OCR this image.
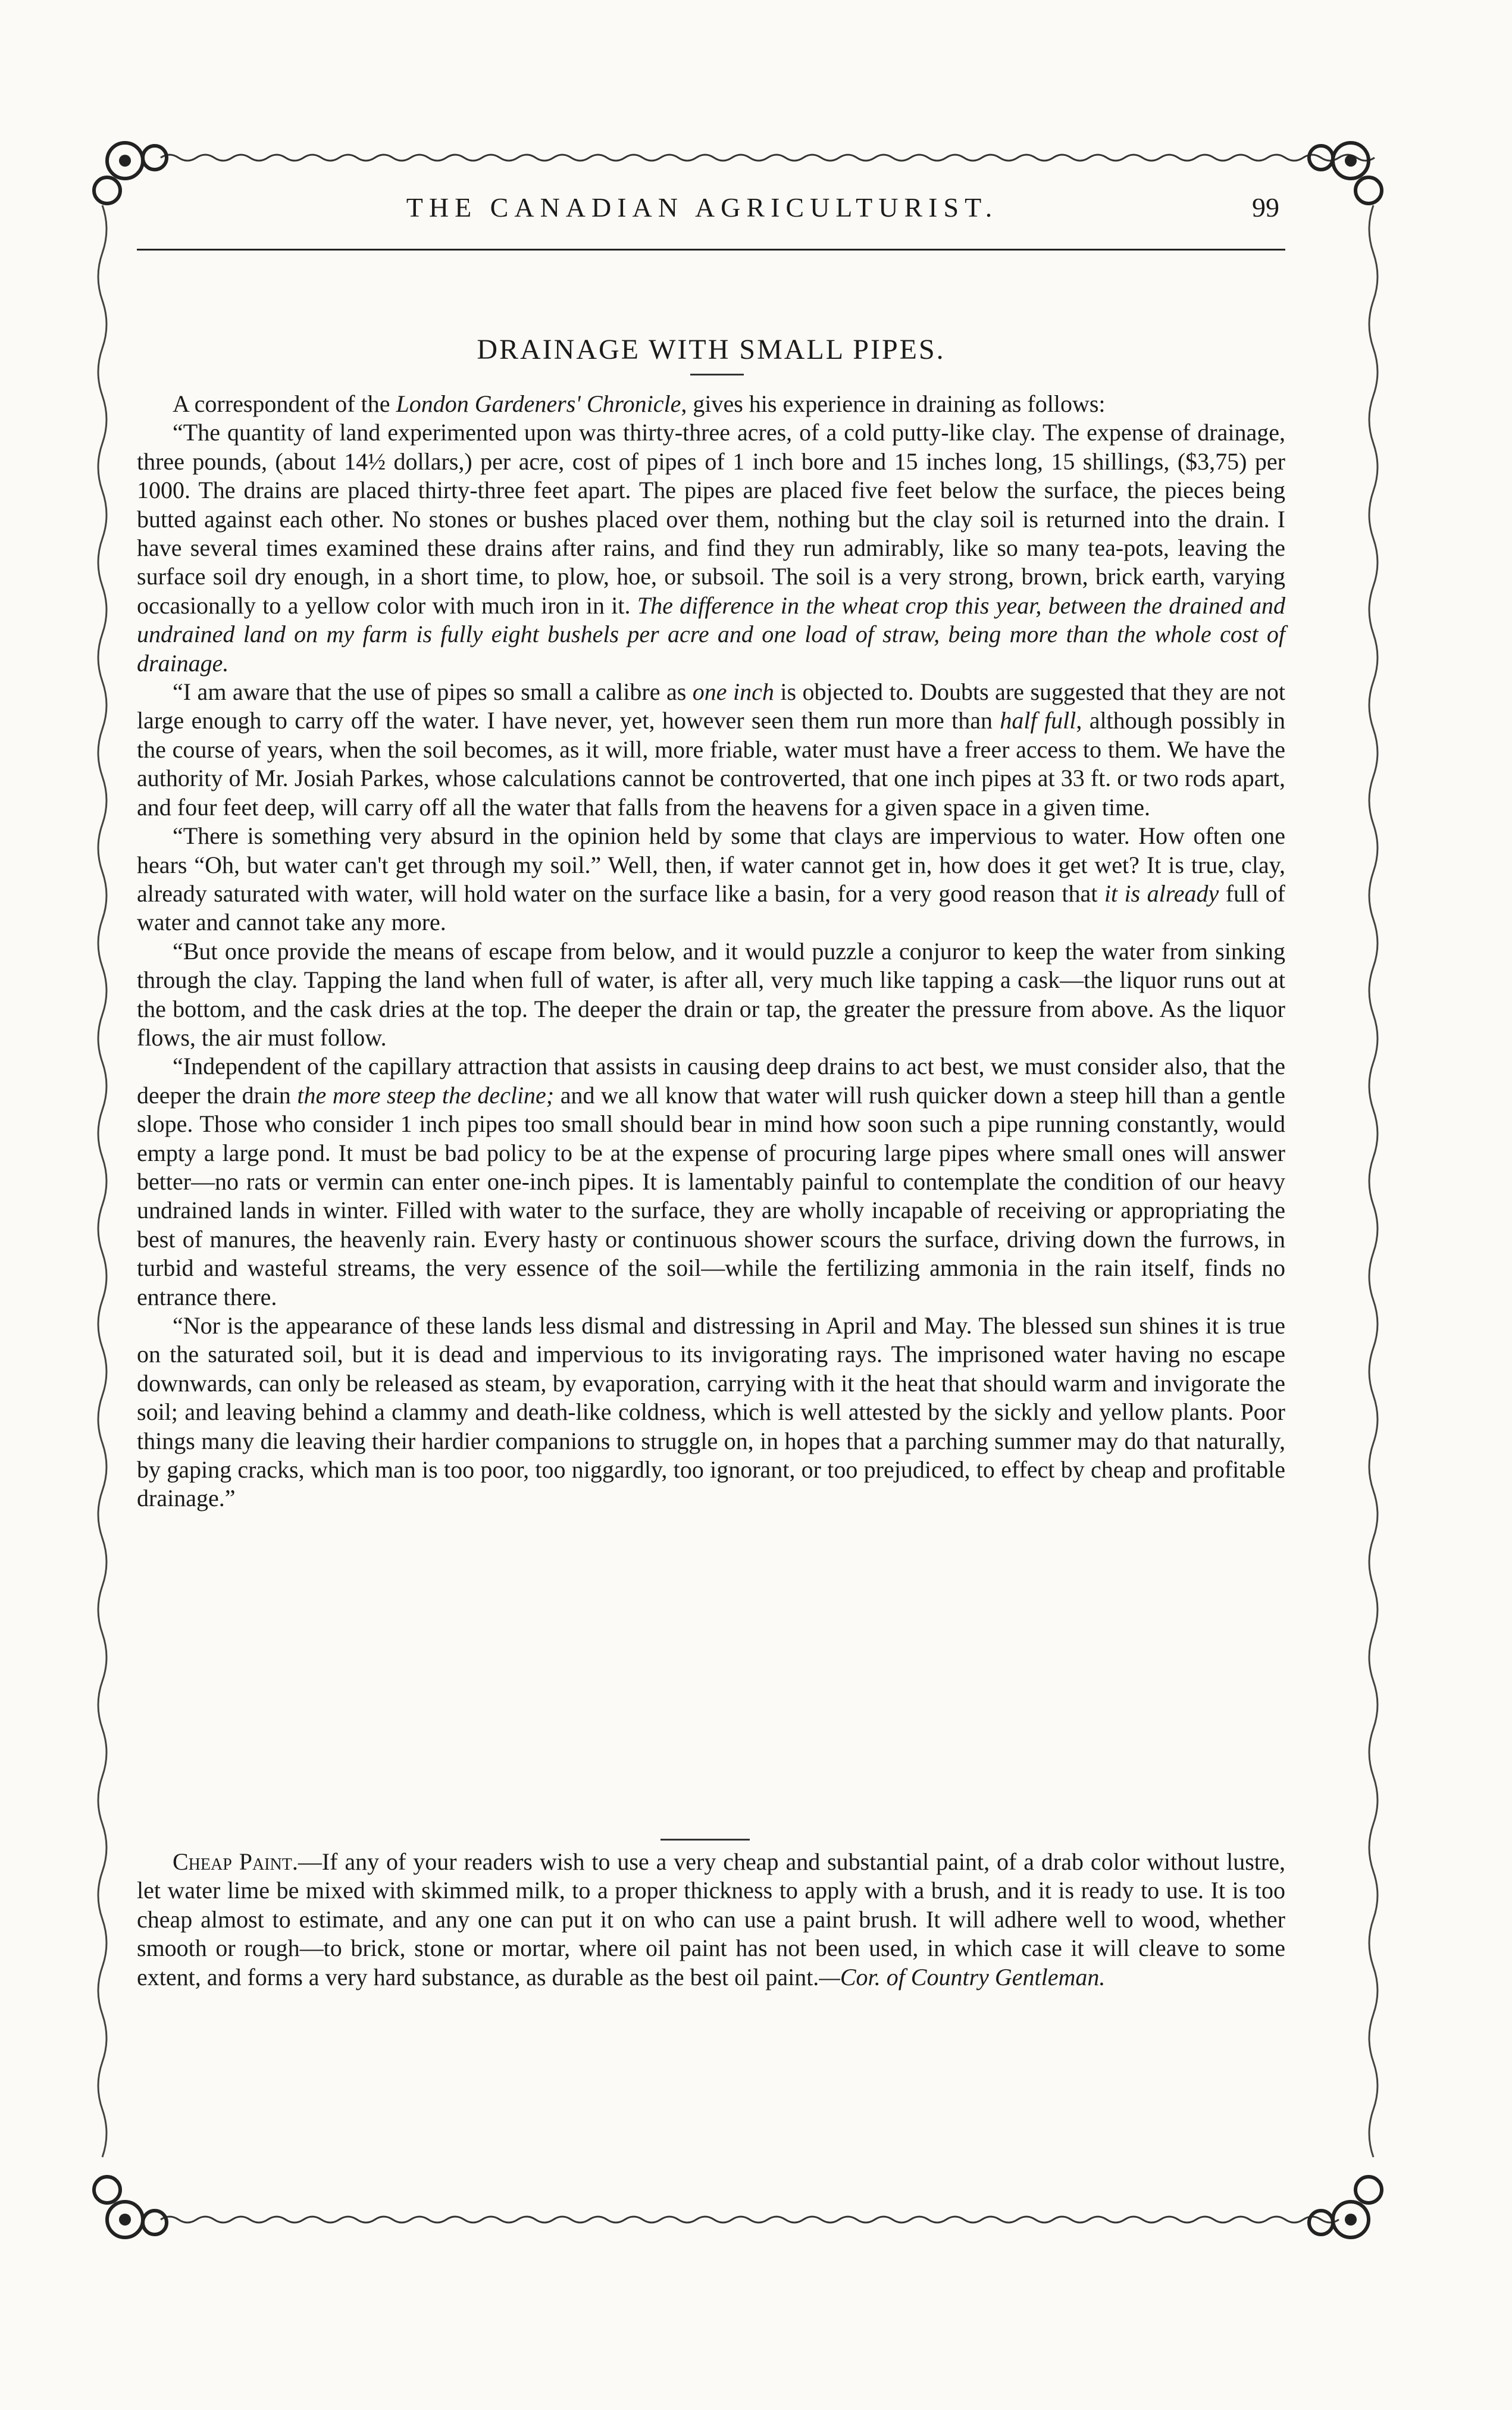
THE CANADIAN AGRICULTURIST.	99
DRAINAGE WITH SMALL PIPES.

A correspondent of the London Gardeners' Chronicle, gives his experience in draining as follows:

“The quantity of land experimented upon was thirty-three acres, of a cold putty-like clay. The expense of drainage, three pounds, (about 14½ dollars,) per acre, cost of pipes of 1 inch bore and 15 inches long, 15 shillings, ($3,75) per 1000. The drains are placed thirty-three feet apart. The pipes are placed five feet below the surface, the pieces being butted against each other. No stones or bushes placed over them, nothing but the clay soil is returned into the drain. I have several times examined these drains after rains, and find they run admirably, like so many tea-pots, leaving the surface soil dry enough, in a short time, to plow, hoe, or subsoil. The soil is a very strong, brown, brick earth, varying occasionally to a yellow color with much iron in it. The difference in the wheat crop this year, between the drained and undrained land on my farm is fully eight bushels per acre and one load of straw, being more than the whole cost of drainage.

“I am aware that the use of pipes so small a calibre as one inch is objected to. Doubts are suggested that they are not large enough to carry off the water. I have never, yet, however seen them run more than half full, although possibly in the course of years, when the soil becomes, as it will, more friable, water must have a freer access to them. We have the authority of Mr. Josiah Parkes, whose calculations cannot be controverted, that one inch pipes at 33 ft. or two rods apart, and four feet deep, will carry off all the water that falls from the heavens for a given space in a given time.

“There is something very absurd in the opinion held by some that clays are impervious to water. How often one hears “Oh, but water can't get through my soil.” Well, then, if water cannot get in, how does it get wet? It is true, clay, already saturated with water, will hold water on the surface like a basin, for a very good reason that it is already full of water and cannot take any more.

“But once provide the means of escape from below, and it would puzzle a conjuror to keep the water from sinking through the clay. Tapping the land when full of water, is after all, very much like tapping a cask—the liquor runs out at the bottom, and the cask dries at the top. The deeper the drain or tap, the greater the pressure from above. As the liquor flows, the air must follow.

“Independent of the capillary attraction that assists in causing deep drains to act best, we must consider also, that the deeper the drain the more steep the decline; and we all know that water will rush quicker down a steep hill than a gentle slope. Those who consider 1 inch pipes too small should bear in mind how soon such a pipe running constantly, would empty a large pond. It must be bad policy to be at the expense of procuring large pipes where small ones will answer better—no rats or vermin can enter one-inch pipes. It is lamentably painful to contemplate the condition of our heavy undrained lands in winter. Filled with water to the surface, they are wholly incapable of receiving or appropriating the best of manures, the heavenly rain. Every hasty or continuous shower scours the surface, driving down the furrows, in turbid and wasteful streams, the very essence of the soil—while the fertilizing ammonia in the rain itself, finds no entrance there.

“Nor is the appearance of these lands less dismal and distressing in April and May. The blessed sun shines it is true on the saturated soil, but it is dead and impervious to its invigorating rays. The imprisoned water having no escape downwards, can only be released as steam, by evaporation, carrying with it the heat that should warm and invigorate the soil; and leaving behind a clammy and death-like coldness, which is well attested by the sickly and yellow plants. Poor things many die leaving their hardier companions to struggle on, in hopes that a parching summer may do that naturally, by gaping cracks, which man is too poor, too niggardly, too ignorant, or too prejudiced, to effect by cheap and profitable drainage.”

Cheap Paint.—If any of your readers wish to use a very cheap and substantial paint, of a drab color without lustre, let water lime be mixed with skimmed milk, to a proper thickness to apply with a brush, and it is ready to use. It is too cheap almost to estimate, and any one can put it on who can use a paint brush. It will adhere well to wood, whether smooth or rough—to brick, stone or mortar, where oil paint has not been used, in which case it will cleave to some extent, and forms a very hard substance, as durable as the best oil paint.—Cor. of Country Gentleman.
